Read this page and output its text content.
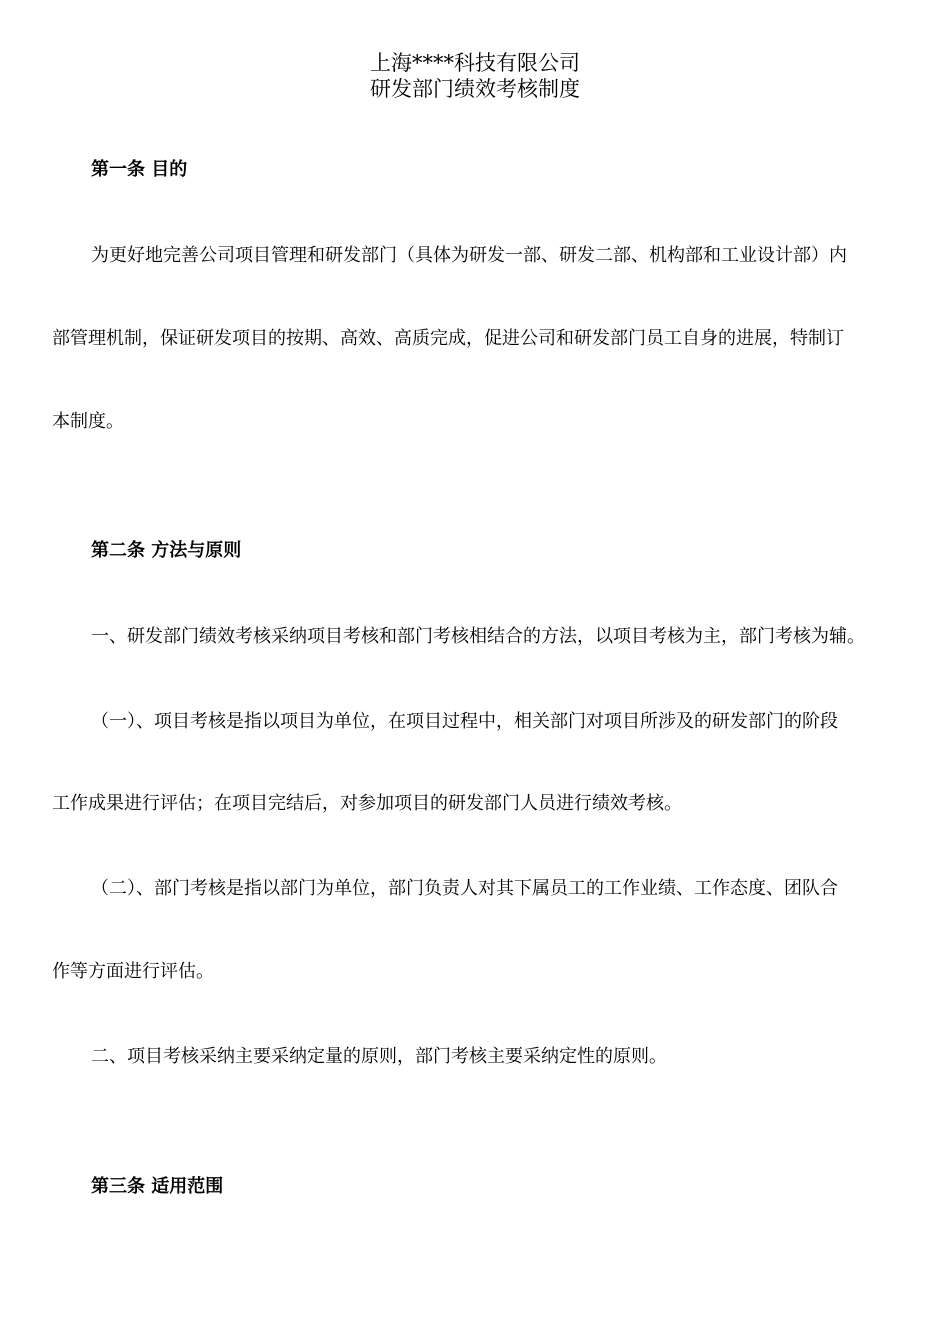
上海****科技有限公司
研发部门绩效考核制度
第一条 目的
为更好地完善公司项目管理和研发部门（具体为研发一部、研发二部、机构部和工业设计部）内
部管理机制，保证研发项目的按期、高效、高质完成，促进公司和研发部门员工自身的进展，特制订
本制度。
第二条 方法与原则
一、研发部门绩效考核采纳项目考核和部门考核相结合的方法，以项目考核为主，部门考核为辅。
（一）、项目考核是指以项目为单位，在项目过程中，相关部门对项目所涉及的研发部门的阶段
工作成果进行评估；在项目完结后，对参加项目的研发部门人员进行绩效考核。
（二）、部门考核是指以部门为单位，部门负责人对其下属员工的工作业绩、工作态度、团队合
作等方面进行评估。
二、项目考核采纳主要采纳定量的原则，部门考核主要采纳定性的原则。
第三条 适用范围
